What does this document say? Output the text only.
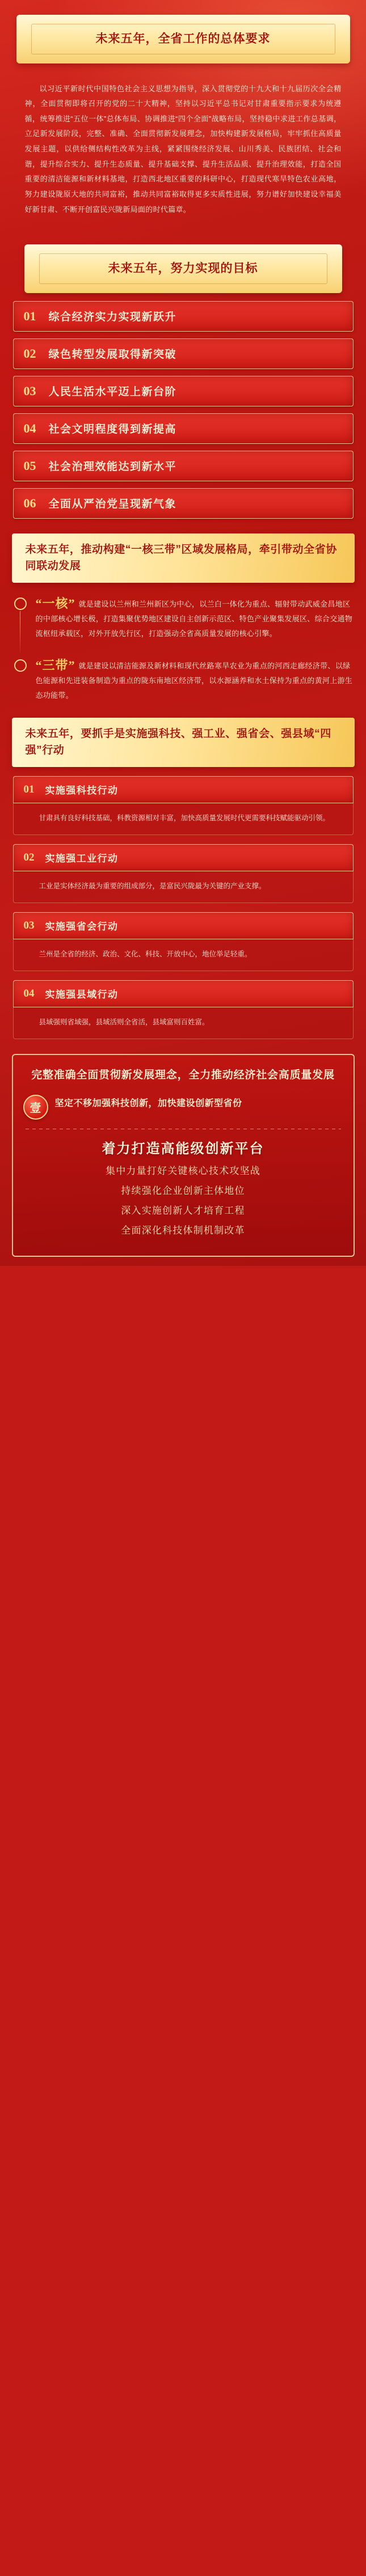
未来五年，全省工作的总体要求
以习近平新时代中国特色社会主义思想为指导，深入贯彻党的十九大和十九届历次全会精神，全面贯彻即将召开的党的二十大精神，坚持以习近平总书记对甘肃重要指示要求为统遵循，统筹推进“五位一体”总体布局、协调推进“四个全面”战略布局，坚持稳中求进工作总基调，立足新发展阶段，完整、准确、全面贯彻新发展理念，加快构建新发展格局，牢牢抓住高质量发展主题，以供给侧结构性改革为主线，紧紧围绕经济发展、山川秀美、民族团结、社会和谐，提升综合实力、提升生态质量、提升基础支撑、提升生活品质、提升治理效能，打造全国重要的清洁能源和新材料基地，打造西北地区重要的科研中心，打造现代寒旱特色农业高地，努力建设陇原大地的共同富裕，推动共同富裕取得更多实质性进展，努力谱好加快建设幸福美好新甘肃、不断开创富民兴陇新局面的时代篇章。
未来五年，努力实现的目标
01	综合经济实力实现新跃升
02	绿色转型发展取得新突破
03	人民生活水平迈上新台阶
04	社会文明程度得到新提高
05	社会治理效能达到新水平
06	全面从严治党呈现新气象
未来五年，推动构建“一核三带”区域发展格局，牵引带动全省协同联动发展

“一核” 就是建设以兰州和兰州新区为中心，以兰白一体化为重点、辐射带动武威金昌地区的中部核心增长极，打造集聚优势地区建设自主创新示范区、特色产业聚集发展区、综合交通物流枢纽承载区，对外开放先行区，打造强动全省高质量发展的核心引擎。

“三带” 就是建设以清洁能源及新材料和现代丝路寒旱农业为重点的河西走廊经济带、以绿色能源和先进装备制造为重点的陇东南地区经济带，以水源涵养和水土保持为重点的黄河上游生态功能带。

未来五年，要抓手是实施强科技、强工业、强省会、强县域“四强”行动
01	实施强科技行动
甘肃具有良好科技基础，科教资源相对丰富，加快高质量发展时代更需要科技赋能驱动引领。
02	实施强工业行动
工业是实体经济最为重要的组成部分，是富民兴陇最为关键的产业支撑。
03	实施强省会行动
兰州是全省的经济、政治、文化、科技、开放中心，地位举足轻重。
04	实施强县域行动
县域强则省域强，县域活则全省活，县域富则百姓富。
完整准确全面贯彻新发展理念，全力推动经济社会高质量发展
壹	坚定不移加强科技创新，加快建设创新型省份
着力打造高能级创新平台
集中力量打好关键核心技术攻坚战
持续强化企业创新主体地位
深入实施创新人才培育工程
全面深化科技体制机制改革
